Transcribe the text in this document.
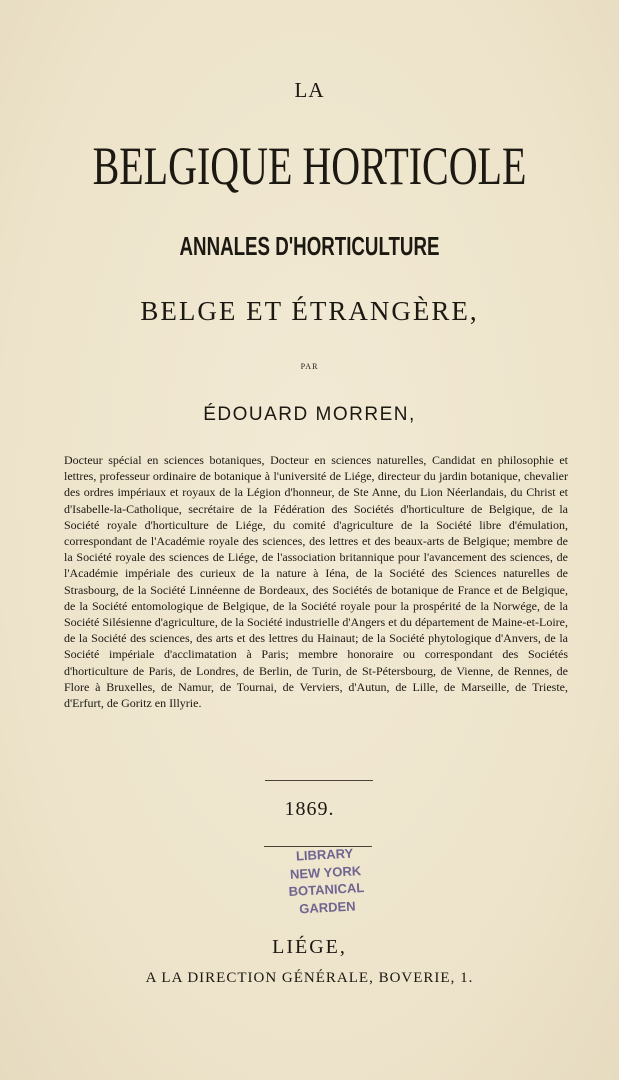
LA
BELGIQUE HORTICOLE
ANNALES D'HORTICULTURE
BELGE ET ÉTRANGÈRE,
PAR
ÉDOUARD MORREN,
Docteur spécial en sciences botaniques, Docteur en sciences naturelles, Candidat en philosophie et lettres, professeur ordinaire de botanique à l'université de Liége, directeur du jardin botanique, chevalier des ordres impériaux et royaux de la Légion d'honneur, de Ste Anne, du Lion Néerlandais, du Christ et d'Isabelle-la-Catholique, secrétaire de la Fédération des Sociétés d'horticulture de Belgique, de la Société royale d'horticulture de Liége, du comité d'agriculture de la Société libre d'émulation, correspondant de l'Académie royale des sciences, des lettres et des beaux-arts de Belgique; membre de la Société royale des sciences de Liége, de l'association britannique pour l'avancement des sciences, de l'Académie impériale des curieux de la nature à Iéna, de la Société des Sciences naturelles de Strasbourg, de la Société Linnéenne de Bordeaux, des Sociétés de botanique de France et de Belgique, de la Société entomologique de Belgique, de la Société royale pour la prospérité de la Norwége, de la Société Silésienne d'agriculture, de la Société industrielle d'Angers et du département de Maine-et-Loire, de la Société des sciences, des arts et des lettres du Hainaut; de la Société phytologique d'Anvers, de la Société impériale d'acclimatation à Paris; membre honoraire ou correspondant des Sociétés d'horticulture de Paris, de Londres, de Berlin, de Turin, de St-Pétersbourg, de Vienne, de Rennes, de Flore à Bruxelles, de Namur, de Tournai, de Verviers, d'Autun, de Lille, de Marseille, de Trieste, d'Erfurt, de Goritz en Illyrie.
1869.
LIBRARY
NEW YORK
BOTANICAL
GARDEN
LIÉGE,
A LA DIRECTION GÉNÉRALE, BOVERIE, 1.
